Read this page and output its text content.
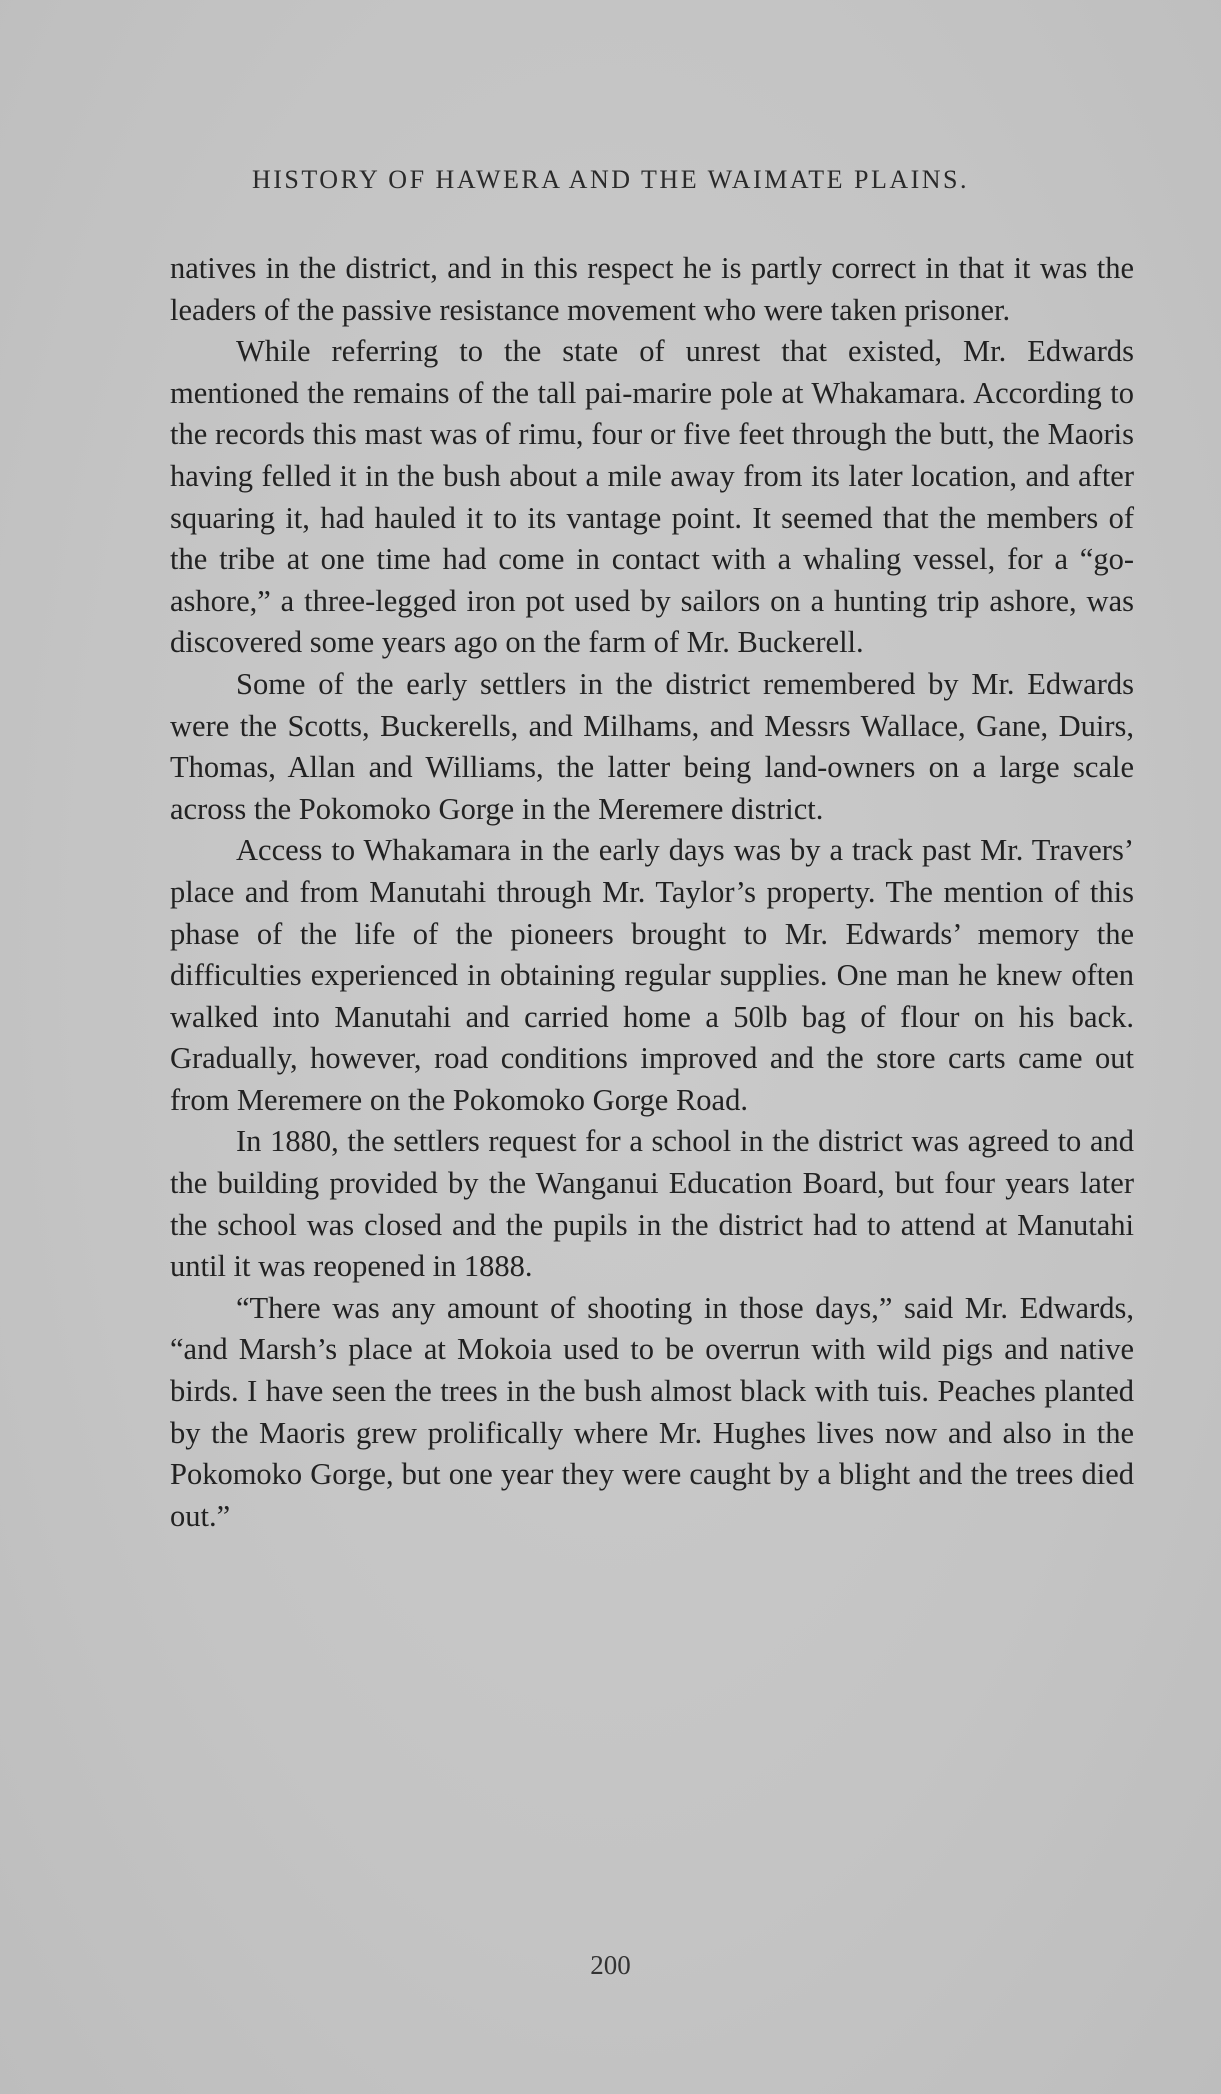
HISTORY OF HAWERA AND THE WAIMATE PLAINS.

natives in the district, and in this respect he is partly correct in that it was the leaders of the passive resistance movement who were taken prisoner.

While referring to the state of unrest that existed, Mr. Edwards mentioned the remains of the tall pai-marire pole at Whakamara. According to the records this mast was of rimu, four or five feet through the butt, the Maoris having felled it in the bush about a mile away from its later location, and after squaring it, had hauled it to its vantage point. It seemed that the members of the tribe at one time had come in contact with a whaling vessel, for a “go-ashore,” a three-legged iron pot used by sailors on a hunting trip ashore, was discovered some years ago on the farm of Mr. Buckerell.

Some of the early settlers in the district remembered by Mr. Edwards were the Scotts, Buckerells, and Milhams, and Messrs Wallace, Gane, Duirs, Thomas, Allan and Williams, the latter being land-owners on a large scale across the Pokomoko Gorge in the Meremere district.

Access to Whakamara in the early days was by a track past Mr. Travers’ place and from Manutahi through Mr. Taylor’s property. The mention of this phase of the life of the pioneers brought to Mr. Edwards’ memory the difficulties experienced in obtaining regular supplies. One man he knew often walked into Manutahi and carried home a 50lb bag of flour on his back. Gradually, however, road conditions improved and the store carts came out from Meremere on the Pokomoko Gorge Road.

In 1880, the settlers request for a school in the district was agreed to and the building provided by the Wanganui Education Board, but four years later the school was closed and the pupils in the district had to attend at Manutahi until it was reopened in 1888.

“There was any amount of shooting in those days,” said Mr. Edwards, “and Marsh’s place at Mokoia used to be overrun with wild pigs and native birds. I have seen the trees in the bush almost black with tuis. Peaches planted by the Maoris grew prolifically where Mr. Hughes lives now and also in the Pokomoko Gorge, but one year they were caught by a blight and the trees died out.”

200
